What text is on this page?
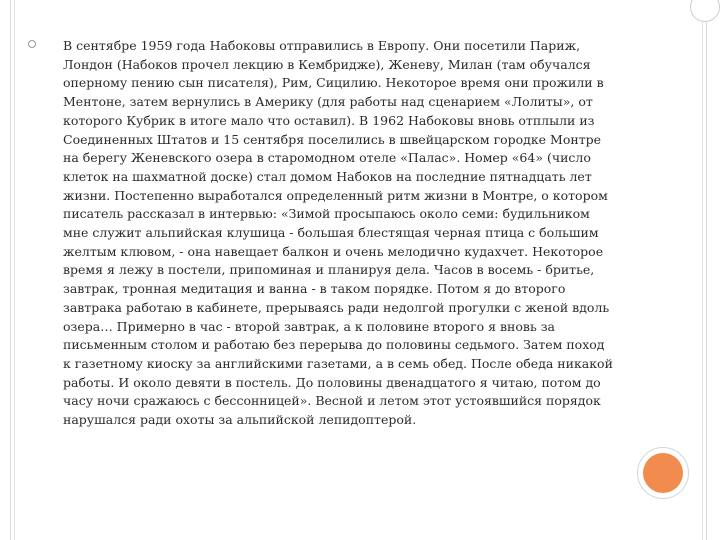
В сентябре 1959 года Набоковы отправились в Европу. Они посетили Париж, Лондон (Набоков прочел лекцию в Кембридже), Женеву, Милан (там обучался оперному пению сын писателя), Рим, Сицилию. Некоторое время они прожили в Ментоне, затем вернулись в Америку (для работы над сценарием «Лолиты», от которого Кубрик в итоге мало что оставил). В 1962 Набоковы вновь отплыли из Соединенных Штатов и 15 сентября поселились в швейцарском городке Монтре на берегу Женевского озера в старомодном отеле «Палас». Номер «64» (число клеток на шахматной доске) стал домом Набоков на последние пятнадцать лет жизни. Постепенно выработался определенный ритм жизни в Монтре, о котором писатель рассказал в интервью: «Зимой просыпаюсь около семи: будильником мне служит альпийская клушица - большая блестящая черная птица с большим желтым клювом, - она навещает балкон и очень мелодично кудахчет. Некоторое время я лежу в постели, припоминая и планируя дела. Часов в восемь - бритье, завтрак, тронная медитация и ванна - в таком порядке. Потом я до второго завтрака работаю в кабинете, прерываясь ради недолгой прогулки с женой вдоль озера… Примерно в час - второй завтрак, а к половине второго я вновь за письменным столом и работаю без перерыва до половины седьмого. Затем поход к газетному киоску за английскими газетами, а в семь обед. После обеда никакой работы. И около девяти в постель. До половины двенадцатого я читаю, потом до часу ночи сражаюсь с бессонницей». Весной и летом этот устоявшийся порядок нарушался ради охоты за альпийской лепидоптерой.
